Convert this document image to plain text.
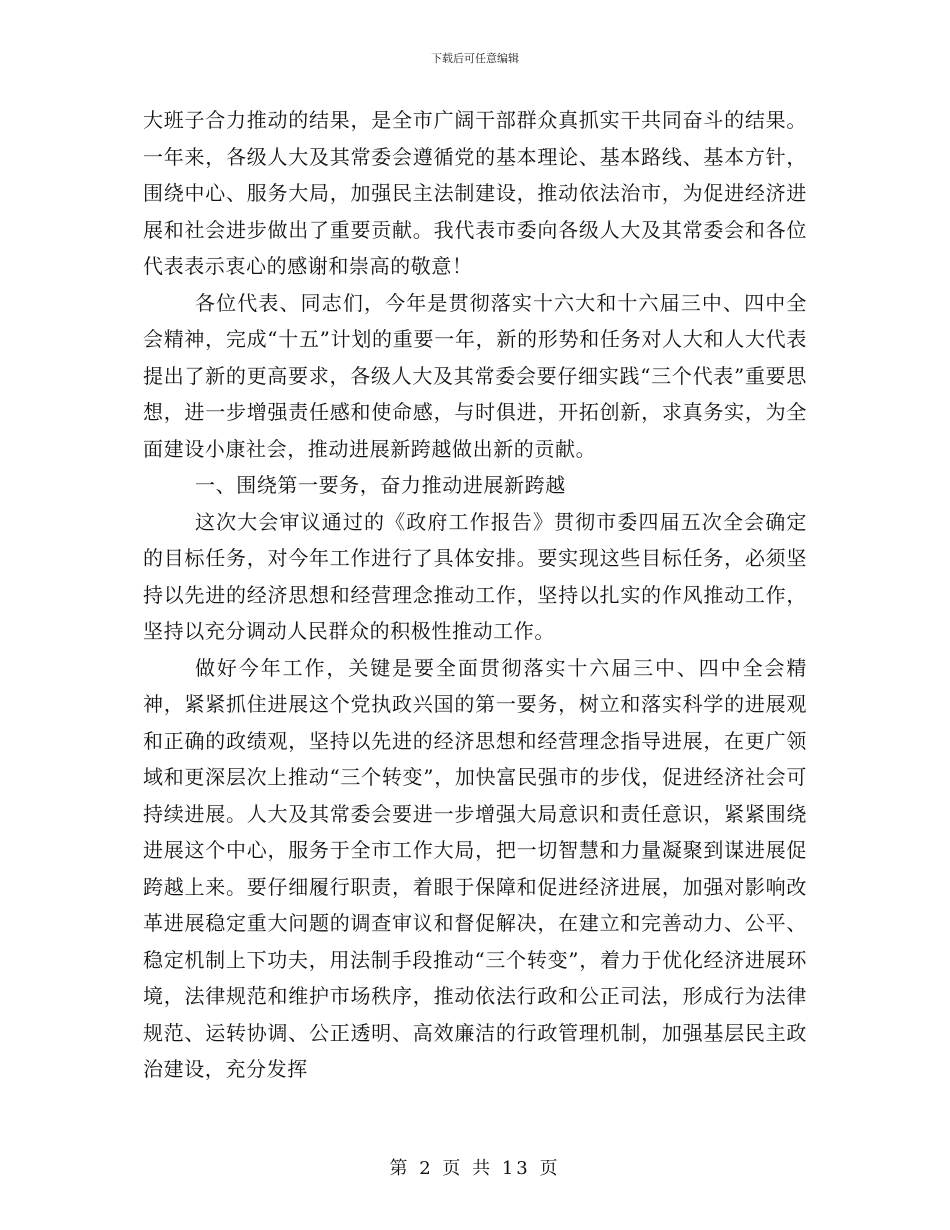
下载后可任意编辑

大班子合力推动的结果，是全市广阔干部群众真抓实干共同奋斗的结果。一年来，各级人大及其常委会遵循党的基本理论、基本路线、基本方针，围绕中心、服务大局，加强民主法制建设，推动依法治市，为促进经济进展和社会进步做出了重要贡献。我代表市委向各级人大及其常委会和各位代表表示衷心的感谢和崇高的敬意！

各位代表、同志们，今年是贯彻落实十六大和十六届三中、四中全会精神，完成“十五”计划的重要一年，新的形势和任务对人大和人大代表提出了新的更高要求，各级人大及其常委会要仔细实践“三个代表”重要思想，进一步增强责任感和使命感，与时俱进，开拓创新，求真务实，为全面建设小康社会，推动进展新跨越做出新的贡献。

一、围绕第一要务，奋力推动进展新跨越

这次大会审议通过的《政府工作报告》贯彻市委四届五次全会确定的目标任务，对今年工作进行了具体安排。要实现这些目标任务，必须坚持以先进的经济思想和经营理念推动工作，坚持以扎实的作风推动工作，坚持以充分调动人民群众的积极性推动工作。

做好今年工作，关键是要全面贯彻落实十六届三中、四中全会精神，紧紧抓住进展这个党执政兴国的第一要务，树立和落实科学的进展观和正确的政绩观，坚持以先进的经济思想和经营理念指导进展，在更广领域和更深层次上推动“三个转变”，加快富民强市的步伐，促进经济社会可持续进展。人大及其常委会要进一步增强大局意识和责任意识，紧紧围绕进展这个中心，服务于全市工作大局，把一切智慧和力量凝聚到谋进展促跨越上来。要仔细履行职责，着眼于保障和促进经济进展，加强对影响改革进展稳定重大问题的调查审议和督促解决，在建立和完善动力、公平、稳定机制上下功夫，用法制手段推动“三个转变”，着力于优化经济进展环境，法律规范和维护市场秩序，推动依法行政和公正司法，形成行为法律规范、运转协调、公正透明、高效廉洁的行政管理机制，加强基层民主政治建设，充分发挥

第 2 页 共 13 页
